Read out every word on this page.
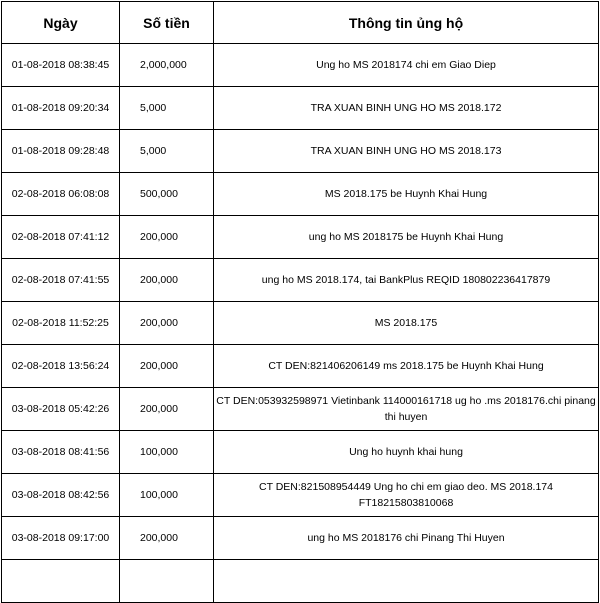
Ngày	Số tiền	Thông tin ủng hộ
01-08-2018 08:38:45	2,000,000	Ung ho MS 2018174 chi em Giao Diep
01-08-2018 09:20:34	5,000	TRA XUAN BINH UNG HO MS 2018.172
01-08-2018 09:28:48	5,000	TRA XUAN BINH UNG HO MS 2018.173
02-08-2018 06:08:08	500,000	MS 2018.175 be Huynh Khai Hung
02-08-2018 07:41:12	200,000	ung ho MS 2018175 be Huynh Khai Hung
02-08-2018 07:41:55	200,000	ung ho MS 2018.174, tai BankPlus REQID 180802236417879
02-08-2018 11:52:25	200,000	MS 2018.175
02-08-2018 13:56:24	200,000	CT DEN:821406206149 ms 2018.175 be Huynh Khai Hung
03-08-2018 05:42:26	200,000	CT DEN:053932598971 Vietinbank 114000161718 ug ho .ms 2018176.chi pinang thi huyen
03-08-2018 08:41:56	100,000	Ung ho huynh khai hung
03-08-2018 08:42:56	100,000	CT DEN:821508954449 Ung ho chi em giao deo. MS 2018.174 FT18215803810068
03-08-2018 09:17:00	200,000	ung ho MS 2018176 chi Pinang Thi Huyen
